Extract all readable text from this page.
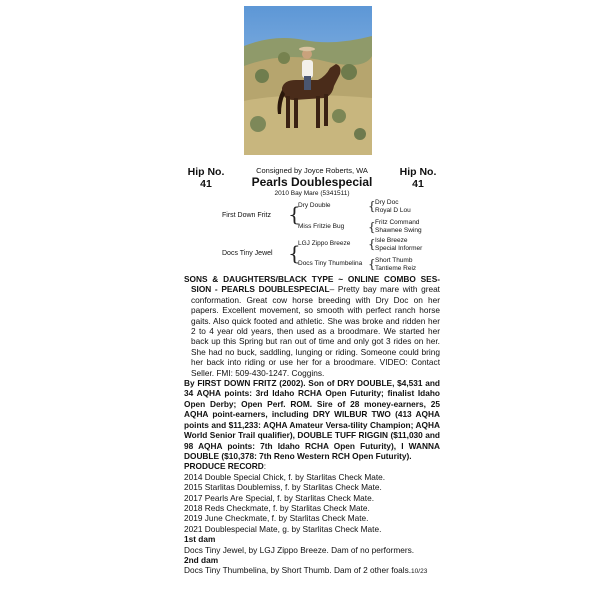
Hip No.
41
Hip No.
41
Consigned by Joyce Roberts, WA
Pearls Doublespecial
2010 Bay Mare (5341511)
First Down Fritz {
Dry Double
Miss Fritzie Bug
{ Dry Doc
Royal D Lou
{ Fritz Command
Shawnee Swing
Docs Tiny Jewel {
LGJ Zippo Breeze
Docs Tiny Thumbelina
{ Isle Breeze
Special Informer
{ Short Thumb
Tantieme Reiz

SONS & DAUGHTERS/BLACK TYPE ~ ONLINE COMBO SES-SION - PEARLS DOUBLESPECIAL– Pretty bay mare with great conformation. Great cow horse breeding with Dry Doc on her papers. Excellent movement, so smooth with perfect ranch horse gaits. Also quick footed and athletic. She was broke and ridden her 2 to 4 year old years, then used as a broodmare. We started her back up this Spring but ran out of time and only got 3 rides on her. She had no buck, saddling, lunging or riding. Someone could bring her back into riding or use her for a broodmare. VIDEO: Contact Seller. FMI: 509-430-1247. Coggins.

By FIRST DOWN FRITZ (2002). Son of DRY DOUBLE, $4,531 and 34 AQHA points: 3rd Idaho RCHA Open Futurity; finalist Idaho Open Derby; Open Perf. ROM. Sire of 28 money-earners, 25 AQHA point-earners, including DRY WILBUR TWO (413 AQHA points and $11,233: AQHA Amateur Versa-tility Champion; AQHA World Senior Trail qualifier), DOUBLE TUFF RIGGIN ($11,030 and 98 AQHA points: 7th Idaho RCHA Open Futurity), I WANNA DOUBLE ($10,378: 7th Reno Western RCH Open Futurity).

PRODUCE RECORD:

2014 Double Special Chick, f. by Starlitas Check Mate.

2015 Starlitas Doublemiss, f. by Starlitas Check Mate.

2017 Pearls Are Special, f. by Starlitas Check Mate.

2018 Reds Checkmate, f. by Starlitas Check Mate.

2019 June Checkmate, f. by Starlitas Check Mate.

2021 Doublespecial Mate, g. by Starlitas Check Mate.

1st dam

Docs Tiny Jewel, by LGJ Zippo Breeze. Dam of no performers.

2nd dam

Docs Tiny Thumbelina, by Short Thumb. Dam of 2 other foals.10/23
